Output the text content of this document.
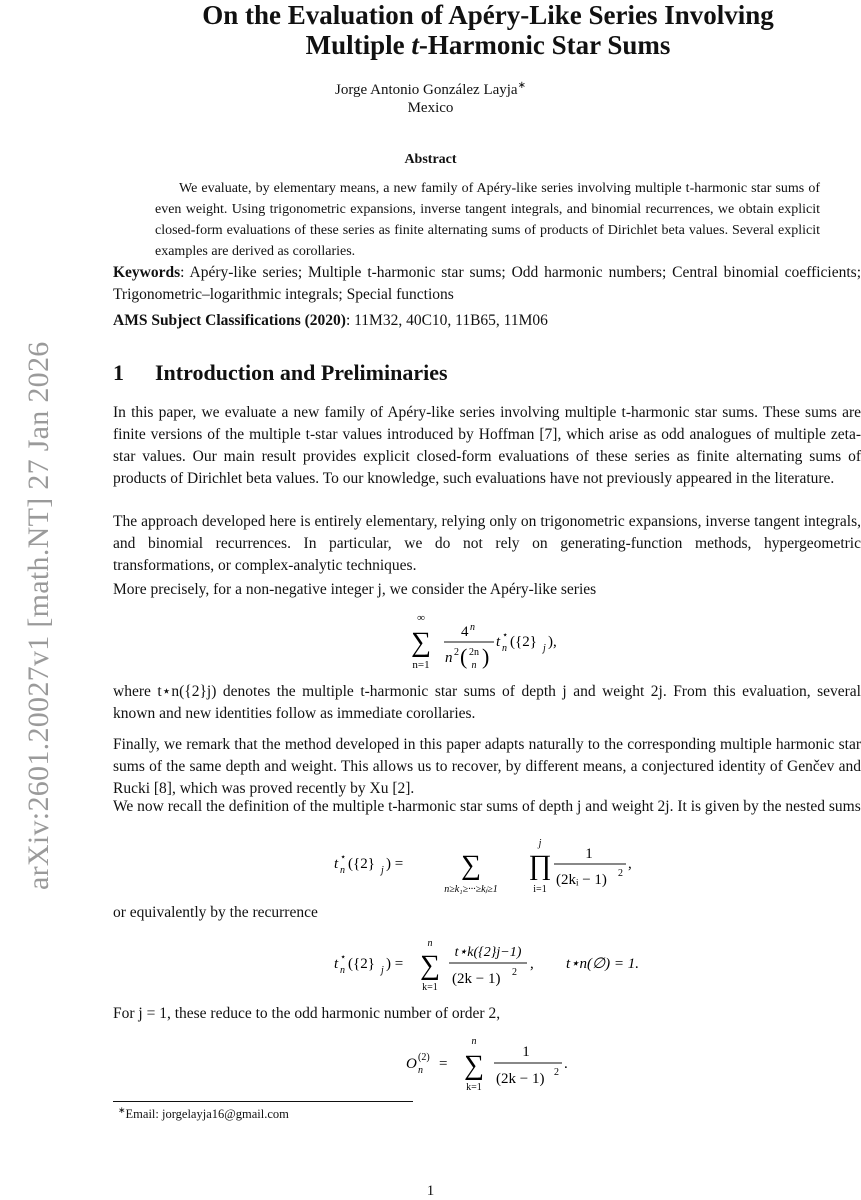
arXiv:2601.20027v1 [math.NT] 27 Jan 2026
On the Evaluation of Apéry-Like Series Involving
Multiple t-Harmonic Star Sums
Jorge Antonio González Layja∗
Mexico
Abstract
We evaluate, by elementary means, a new family of Apéry-like series involving multiple t-harmonic star sums of even weight. Using trigonometric expansions, inverse tangent integrals, and binomial recurrences, we obtain explicit closed-form evaluations of these series as finite alternating sums of products of Dirichlet beta values. Several explicit examples are derived as corollaries.
Keywords: Apéry-like series; Multiple t-harmonic star sums; Odd harmonic numbers; Central binomial coefficients; Trigonometric–logarithmic integrals; Special functions
AMS Subject Classifications (2020): 11M32, 40C10, 11B65, 11M06
1 Introduction and Preliminaries
In this paper, we evaluate a new family of Apéry-like series involving multiple t-harmonic star sums. These sums are finite versions of the multiple t-star values introduced by Hoffman [7], which arise as odd analogues of multiple zeta-star values. Our main result provides explicit closed-form evaluations of these series as finite alternating sums of products of Dirichlet beta values. To our knowledge, such evaluations have not previously appeared in the literature.
The approach developed here is entirely elementary, relying only on trigonometric expansions, inverse tangent integrals, and binomial recurrences. In particular, we do not rely on generating-function methods, hypergeometric transformations, or complex-analytic techniques.
More precisely, for a non-negative integer j, we consider the Apéry-like series
∞
∑
n=1
4 n
n 2 ( 2n
n )
t ⋆
n ({2} j ),
where t⋆n({2}j) denotes the multiple t-harmonic star sums of depth j and weight 2j. From this evaluation, several known and new identities follow as immediate corollaries.
Finally, we remark that the method developed in this paper adapts naturally to the corresponding multiple harmonic star sums of the same depth and weight. This allows us to recover, by different means, a conjectured identity of Genčev and Rucki [8], which was proved recently by Xu [2].
We now recall the definition of the multiple t-harmonic star sums of depth j and weight 2j. It is given by the nested sums
t ⋆
n ({2} j ) = ∑
n≥k₁≥···≥kⱼ≥1
j
∏
i=1
1
(2kᵢ − 1) 2
,
or equivalently by the recurrence
t ⋆
n ({2} j ) =
n
∑
k=1
t⋆k({2}j−1)
(2k − 1) 2
, t⋆n(∅) = 1.
For j = 1, these reduce to the odd harmonic number of order 2,
O (2)
n =
n
∑
k=1
1
(2k − 1) 2
.
∗Email: jorgelayja16@gmail.com
1
